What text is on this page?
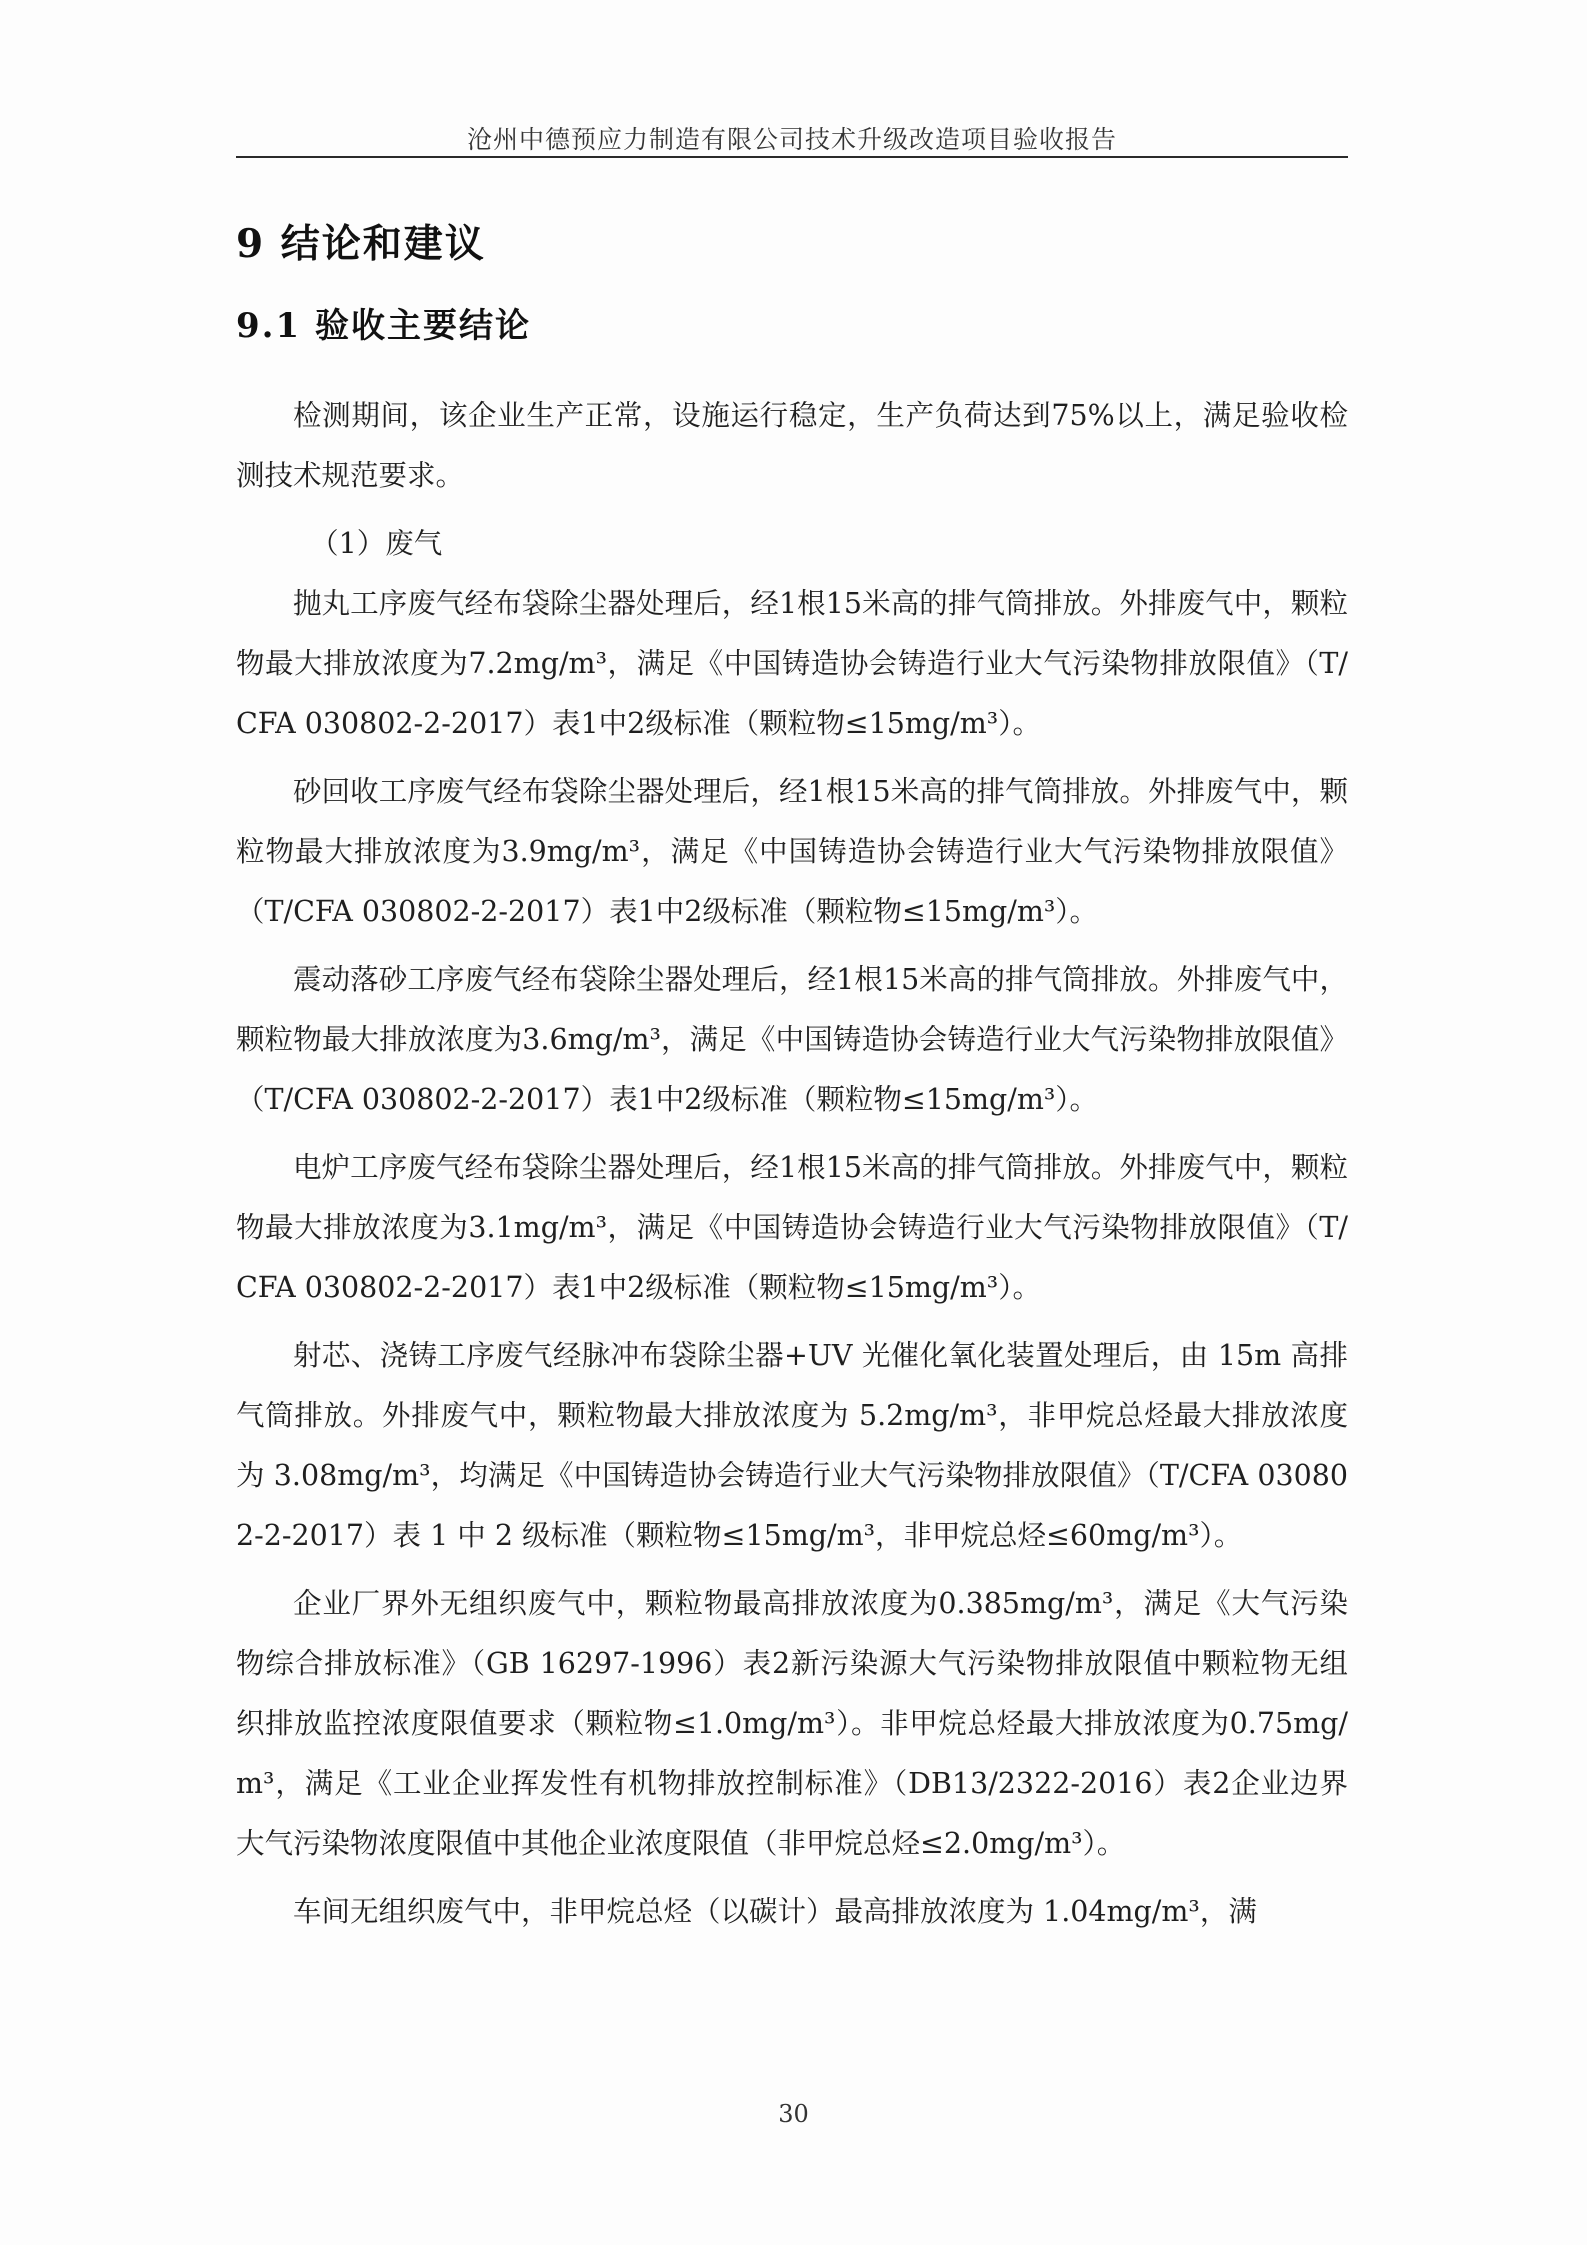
沧州中德预应力制造有限公司技术升级改造项目验收报告
9 结论和建议
9.1 验收主要结论

检测期间，该企业生产正常，设施运行稳定，生产负荷达到75%以上，满足验收检测技术规范要求。

（1）废气

抛丸工序废气经布袋除尘器处理后，经1根15米高的排气筒排放。外排废气中，颗粒物最大排放浓度为7.2mg/m³，满足《中国铸造协会铸造行业大气污染物排放限值》（T/CFA 030802-2-2017）表1中2级标准（颗粒物≤15mg/m³）。

砂回收工序废气经布袋除尘器处理后，经1根15米高的排气筒排放。外排废气中，颗粒物最大排放浓度为3.9mg/m³，满足《中国铸造协会铸造行业大气污染物排放限值》（T/CFA 030802-2-2017）表1中2级标准（颗粒物≤15mg/m³）。

震动落砂工序废气经布袋除尘器处理后，经1根15米高的排气筒排放。外排废气中，颗粒物最大排放浓度为3.6mg/m³，满足《中国铸造协会铸造行业大气污染物排放限值》（T/CFA 030802-2-2017）表1中2级标准（颗粒物≤15mg/m³）。

电炉工序废气经布袋除尘器处理后，经1根15米高的排气筒排放。外排废气中，颗粒物最大排放浓度为3.1mg/m³，满足《中国铸造协会铸造行业大气污染物排放限值》（T/CFA 030802-2-2017）表1中2级标准（颗粒物≤15mg/m³）。

射芯、浇铸工序废气经脉冲布袋除尘器+UV 光催化氧化装置处理后，由 15m 高排气筒排放。外排废气中，颗粒物最大排放浓度为 5.2mg/m³，非甲烷总烃最大排放浓度为 3.08mg/m³，均满足《中国铸造协会铸造行业大气污染物排放限值》（T/CFA 030802-2-2017）表 1 中 2 级标准（颗粒物≤15mg/m³，非甲烷总烃≤60mg/m³）。

企业厂界外无组织废气中，颗粒物最高排放浓度为0.385mg/m³，满足《大气污染物综合排放标准》（GB 16297-1996）表2新污染源大气污染物排放限值中颗粒物无组织排放监控浓度限值要求（颗粒物≤1.0mg/m³）。非甲烷总烃最大排放浓度为0.75mg/m³，满足《工业企业挥发性有机物排放控制标准》（DB13/2322-2016）表2企业边界大气污染物浓度限值中其他企业浓度限值（非甲烷总烃≤2.0mg/m³）。

车间无组织废气中，非甲烷总烃（以碳计）最高排放浓度为 1.04mg/m³，满

30
